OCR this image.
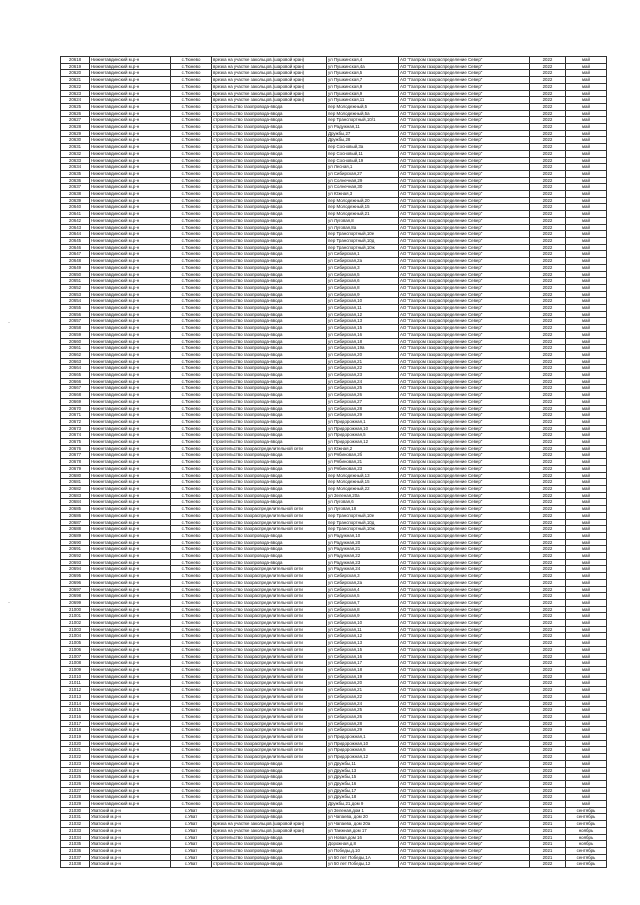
-
-
20618	Нижнетавдинский м.р-н	с.Тюнево	врезка на участке закольцов.(шаровой кран)	ул Пушкинская,4	АО "Газпром газораспределение Север"	2022	май
20619	Нижнетавдинский м.р-н	с.Тюнево	врезка на участке закольцов.(шаровой кран)	ул Пушкинская,4а	АО "Газпром газораспределение Север"	2022	май
20620	Нижнетавдинский м.р-н	с.Тюнево	врезка на участке закольцов.(шаровой кран)	ул Пушкинская,5	АО "Газпром газораспределение Север"	2022	май
20621	Нижнетавдинский м.р-н	с.Тюнево	врезка на участке закольцов.(шаровой кран)	ул Пушкинская,7	АО "Газпром газораспределение Север"	2022	май
20622	Нижнетавдинский м.р-н	с.Тюнево	врезка на участке закольцов.(шаровой кран)	ул Пушкинская,9	АО "Газпром газораспределение Север"	2022	май
20623	Нижнетавдинский м.р-н	с.Тюнево	врезка на участке закольцов.(шаровой кран)	ул Пушкинская,9	АО "Газпром газораспределение Север"	2022	май
20624	Нижнетавдинский м.р-н	с.Тюнево	врезка на участке закольцов.(шаровой кран)	ул Пушкинская,11	АО "Газпром газораспределение Север"	2022	май
20625	Нижнетавдинский м.р-н	с.Тюнево	строительство газопровода-ввода	пер Молодежный,5	АО "Газпром газораспределение Север"	2022	май
20626	Нижнетавдинский м.р-н	с.Тюнево	строительство газопровода-ввода	пер Молодежный,5а	АО "Газпром газораспределение Север"	2022	май
20627	Нижнетавдинский м.р-н	с.Тюнево	строительство газопровода-ввода	пер Транспортный,10/1	АО "Газпром газораспределение Север"	2022	май
20628	Нижнетавдинский м.р-н	с.Тюнево	строительство газопровода-ввода	ул Радужная,11	АО "Газпром газораспределение Север"	2022	май
20629	Нижнетавдинский м.р-н	с.Тюнево	строительство газопровода-ввода	Дружбы,27	АО "Газпром газораспределение Север"	2022	май
20630	Нижнетавдинский м.р-н	с.Тюнево	строительство газопровода-ввода	Дружбы,28	АО "Газпром газораспределение Север"	2022	май
20631	Нижнетавдинский м.р-н	с.Тюнево	строительство газопровода-ввода	пер Сосновый,3а	АО "Газпром газораспределение Север"	2022	май
20632	Нижнетавдинский м.р-н	с.Тюнево	строительство газопровода-ввода	пер Сосновый,11	АО "Газпром газораспределение Север"	2022	май
20633	Нижнетавдинский м.р-н	с.Тюнево	строительство газопровода-ввода	пер Сосновый,19	АО "Газпром газораспределение Север"	2022	май
20634	Нижнетавдинский м.р-н	с.Тюнево	строительство газопровода-ввода	ул Лесная,1	АО "Газпром газораспределение Север"	2022	май
20635	Нижнетавдинский м.р-н	с.Тюнево	строительство газопровода-ввода	ул Сибирская,27	АО "Газпром газораспределение Север"	2022	май
20636	Нижнетавдинский м.р-н	с.Тюнево	строительство газопровода-ввода	ул Солнечная,29	АО "Газпром газораспределение Север"	2022	май
20637	Нижнетавдинский м.р-н	с.Тюнево	строительство газопровода-ввода	ул Солнечная,30	АО "Газпром газораспределение Север"	2022	май
20638	Нижнетавдинский м.р-н	с.Тюнево	строительство газопровода-ввода	ул Южная,3	АО "Газпром газораспределение Север"	2022	май
20639	Нижнетавдинский м.р-н	с.Тюнево	строительство газопровода-ввода	пер Молодежный,20	АО "Газпром газораспределение Север"	2022	май
20640	Нижнетавдинский м.р-н	с.Тюнево	строительство газопровода-ввода	пер Молодежный,15	АО "Газпром газораспределение Север"	2022	май
20641	Нижнетавдинский м.р-н	с.Тюнево	строительство газопровода-ввода	пер Молодежный,21	АО "Газпром газораспределение Север"	2022	май
20642	Нижнетавдинский м.р-н	с.Тюнево	строительство газопровода-ввода	ул Луговая,8	АО "Газпром газораспределение Север"	2022	май
20643	Нижнетавдинский м.р-н	с.Тюнево	строительство газопровода-ввода	ул Луговая,8а	АО "Газпром газораспределение Север"	2022	май
20644	Нижнетавдинский м.р-н	с.Тюнево	строительство газопровода-ввода	пер Транспортный,10е	АО "Газпром газораспределение Север"	2022	май
20645	Нижнетавдинский м.р-н	с.Тюнево	строительство газопровода-ввода	пер Транспортный,10д	АО "Газпром газораспределение Север"	2022	май
20646	Нижнетавдинский м.р-н	с.Тюнево	строительство газопровода-ввода	пер Транспортный,10ж	АО "Газпром газораспределение Север"	2022	май
20647	Нижнетавдинский м.р-н	с.Тюнево	строительство газопровода-ввода	ул Сибирская,1	АО "Газпром газораспределение Север"	2022	май
20648	Нижнетавдинский м.р-н	с.Тюнево	строительство газопровода-ввода	ул Сибирская,2а	АО "Газпром газораспределение Север"	2022	май
20649	Нижнетавдинский м.р-н	с.Тюнево	строительство газопровода-ввода	ул Сибирская,3	АО "Газпром газораспределение Север"	2022	май
20650	Нижнетавдинский м.р-н	с.Тюнево	строительство газопровода-ввода	ул Сибирская,5	АО "Газпром газораспределение Север"	2022	май
20651	Нижнетавдинский м.р-н	с.Тюнево	строительство газопровода-ввода	ул Сибирская,6	АО "Газпром газораспределение Север"	2022	май
20652	Нижнетавдинский м.р-н	с.Тюнево	строительство газопровода-ввода	ул Сибирская,8	АО "Газпром газораспределение Север"	2022	май
20653	Нижнетавдинский м.р-н	с.Тюнево	строительство газопровода-ввода	ул Сибирская,9	АО "Газпром газораспределение Север"	2022	май
20654	Нижнетавдинский м.р-н	с.Тюнево	строительство газопровода-ввода	ул Сибирская,10	АО "Газпром газораспределение Север"	2022	май
20655	Нижнетавдинский м.р-н	с.Тюнево	строительство газопровода-ввода	ул Сибирская,11	АО "Газпром газораспределение Север"	2022	май
20656	Нижнетавдинский м.р-н	с.Тюнево	строительство газопровода-ввода	ул Сибирская,12	АО "Газпром газораспределение Север"	2022	май
20657	Нижнетавдинский м.р-н	с.Тюнево	строительство газопровода-ввода	ул Сибирская,13	АО "Газпром газораспределение Север"	2022	май
20658	Нижнетавдинский м.р-н	с.Тюнево	строительство газопровода-ввода	ул Сибирская,15	АО "Газпром газораспределение Север"	2022	май
20659	Нижнетавдинский м.р-н	с.Тюнево	строительство газопровода-ввода	ул Сибирская,16	АО "Газпром газораспределение Север"	2022	май
20660	Нижнетавдинский м.р-н	с.Тюнево	строительство газопровода-ввода	ул Сибирская,18	АО "Газпром газораспределение Север"	2022	май
20661	Нижнетавдинский м.р-н	с.Тюнево	строительство газопровода-ввода	ул Сибирская,19а	АО "Газпром газораспределение Север"	2022	май
20662	Нижнетавдинский м.р-н	с.Тюнево	строительство газопровода-ввода	ул Сибирская,20	АО "Газпром газораспределение Север"	2022	май
20663	Нижнетавдинский м.р-н	с.Тюнево	строительство газопровода-ввода	ул Сибирская,21	АО "Газпром газораспределение Север"	2022	май
20664	Нижнетавдинский м.р-н	с.Тюнево	строительство газопровода-ввода	ул Сибирская,22	АО "Газпром газораспределение Север"	2022	май
20665	Нижнетавдинский м.р-н	с.Тюнево	строительство газопровода-ввода	ул Сибирская,23	АО "Газпром газораспределение Север"	2022	май
20666	Нижнетавдинский м.р-н	с.Тюнево	строительство газопровода-ввода	ул Сибирская,24	АО "Газпром газораспределение Север"	2022	май
20667	Нижнетавдинский м.р-н	с.Тюнево	строительство газопровода-ввода	ул Сибирская,25	АО "Газпром газораспределение Север"	2022	май
20668	Нижнетавдинский м.р-н	с.Тюнево	строительство газопровода-ввода	ул Сибирская,26	АО "Газпром газораспределение Север"	2022	май
20669	Нижнетавдинский м.р-н	с.Тюнево	строительство газопровода-ввода	ул Сибирская,27	АО "Газпром газораспределение Север"	2022	май
20670	Нижнетавдинский м.р-н	с.Тюнево	строительство газопровода-ввода	ул Сибирская,28	АО "Газпром газораспределение Север"	2022	май
20671	Нижнетавдинский м.р-н	с.Тюнево	строительство газопровода-ввода	ул Сибирская,29	АО "Газпром газораспределение Север"	2022	май
20672	Нижнетавдинский м.р-н	с.Тюнево	строительство газопровода-ввода	ул Придорожная,1	АО "Газпром газораспределение Север"	2022	май
20673	Нижнетавдинский м.р-н	с.Тюнево	строительство газопровода-ввода	ул Придорожная,10	АО "Газпром газораспределение Север"	2022	май
20674	Нижнетавдинский м.р-н	с.Тюнево	строительство газопровода-ввода	ул Придорожная,5	АО "Газпром газораспределение Север"	2022	май
20675	Нижнетавдинский м.р-н	с.Тюнево	строительство газопровода-ввода	ул Придорожная,12	АО "Газпром газораспределение Север"	2022	май
20676	Нижнетавдинский м.р-н	с.Тюнево	строительство газораспределительной сети	ул Южная,2	АО "Газпром газораспределение Север"	2022	май
20677	Нижнетавдинский м.р-н	с.Тюнево	строительство газопровода-ввода	ул Рябиновая,2б	АО "Газпром газораспределение Север"	2022	май
20678	Нижнетавдинский м.р-н	с.Тюнево	строительство газопровода-ввода	ул Рябиновая,21	АО "Газпром газораспределение Север"	2022	май
20679	Нижнетавдинский м.р-н	с.Тюнево	строительство газопровода-ввода	ул Рябиновая,23	АО "Газпром газораспределение Север"	2022	май
20680	Нижнетавдинский м.р-н	с.Тюнево	строительство газопровода-ввода	пер Молодежный,13	АО "Газпром газораспределение Север"	2022	май
20681	Нижнетавдинский м.р-н	с.Тюнево	строительство газопровода-ввода	пер Молодежный,15	АО "Газпром газораспределение Север"	2022	май
20682	Нижнетавдинский м.р-н	с.Тюнево	строительство газопровода-ввода	пер Молодежный,22	АО "Газпром газораспределение Север"	2022	май
20683	Нижнетавдинский м.р-н	с.Тюнево	строительство газопровода-ввода	ул Зеленая,20а	АО "Газпром газораспределение Север"	2022	май
20684	Нижнетавдинский м.р-н	с.Тюнево	строительство газопровода-ввода	ул Луговая,6	АО "Газпром газораспределение Север"	2022	май
20685	Нижнетавдинский м.р-н	с.Тюнево	строительство газораспределительной сети	ул Луговая,18	АО "Газпром газораспределение Север"	2022	май
20686	Нижнетавдинский м.р-н	с.Тюнево	строительство газораспределительной сети	пер Транспортный,10е	АО "Газпром газораспределение Север"	2022	май
20687	Нижнетавдинский м.р-н	с.Тюнево	строительство газораспределительной сети	пер Транспортный,10д	АО "Газпром газораспределение Север"	2022	май
20688	Нижнетавдинский м.р-н	с.Тюнево	строительство газораспределительной сети	пер Транспортный,10ж	АО "Газпром газораспределение Север"	2022	май
20689	Нижнетавдинский м.р-н	с.Тюнево	строительство газопровода-ввода	ул Радужная,10	АО "Газпром газораспределение Север"	2022	май
20690	Нижнетавдинский м.р-н	с.Тюнево	строительство газопровода-ввода	ул Радужная,20	АО "Газпром газораспределение Север"	2022	май
20691	Нижнетавдинский м.р-н	с.Тюнево	строительство газопровода-ввода	ул Радужная,21	АО "Газпром газораспределение Север"	2022	май
20692	Нижнетавдинский м.р-н	с.Тюнево	строительство газопровода-ввода	ул Радужная,22	АО "Газпром газораспределение Север"	2022	май
20693	Нижнетавдинский м.р-н	с.Тюнево	строительство газопровода-ввода	ул Радужная,23	АО "Газпром газораспределение Север"	2022	май
20694	Нижнетавдинский м.р-н	с.Тюнево	строительство газораспределительной сети	ул Радужная,24	АО "Газпром газораспределение Север"	2022	май
20695	Нижнетавдинский м.р-н	с.Тюнево	строительство газораспределительной сети	ул Сибирская,3	АО "Газпром газораспределение Север"	2022	май
20696	Нижнетавдинский м.р-н	с.Тюнево	строительство газораспределительной сети	ул Сибирская,2а	АО "Газпром газораспределение Север"	2022	май
20697	Нижнетавдинский м.р-н	с.Тюнево	строительство газораспределительной сети	ул Сибирская,4	АО "Газпром газораспределение Север"	2022	май
20698	Нижнетавдинский м.р-н	с.Тюнево	строительство газораспределительной сети	ул Сибирская,5	АО "Газпром газораспределение Север"	2022	май
20699	Нижнетавдинский м.р-н	с.Тюнево	строительство газораспределительной сети	ул Сибирская,7	АО "Газпром газораспределение Север"	2022	май
21000	Нижнетавдинский м.р-н	с.Тюнево	строительство газораспределительной сети	ул Сибирская,8	АО "Газпром газораспределение Север"	2022	май
21001	Нижнетавдинский м.р-н	с.Тюнево	строительство газораспределительной сети	ул Сибирская,9	АО "Газпром газораспределение Север"	2022	май
21002	Нижнетавдинский м.р-н	с.Тюнево	строительство газораспределительной сети	ул Сибирская,10	АО "Газпром газораспределение Север"	2022	май
21003	Нижнетавдинский м.р-н	с.Тюнево	строительство газораспределительной сети	ул Сибирская,11	АО "Газпром газораспределение Север"	2022	май
21004	Нижнетавдинский м.р-н	с.Тюнево	строительство газораспределительной сети	ул Сибирская,12	АО "Газпром газораспределение Север"	2022	май
21005	Нижнетавдинский м.р-н	с.Тюнево	строительство газораспределительной сети	ул Сибирская,13	АО "Газпром газораспределение Север"	2022	май
21006	Нижнетавдинский м.р-н	с.Тюнево	строительство газораспределительной сети	ул Сибирская,15	АО "Газпром газораспределение Север"	2022	май
21007	Нижнетавдинский м.р-н	с.Тюнево	строительство газораспределительной сети	ул Сибирская,16	АО "Газпром газораспределение Север"	2022	май
21008	Нижнетавдинский м.р-н	с.Тюнево	строительство газораспределительной сети	ул Сибирская,17	АО "Газпром газораспределение Север"	2022	май
21009	Нижнетавдинский м.р-н	с.Тюнево	строительство газораспределительной сети	ул Сибирская,18	АО "Газпром газораспределение Север"	2022	май
21010	Нижнетавдинский м.р-н	с.Тюнево	строительство газораспределительной сети	ул Сибирская,19	АО "Газпром газораспределение Север"	2022	май
21011	Нижнетавдинский м.р-н	с.Тюнево	строительство газораспределительной сети	ул Сибирская,20	АО "Газпром газораспределение Север"	2022	май
21012	Нижнетавдинский м.р-н	с.Тюнево	строительство газораспределительной сети	ул Сибирская,21	АО "Газпром газораспределение Север"	2022	май
21013	Нижнетавдинский м.р-н	с.Тюнево	строительство газораспределительной сети	ул Сибирская,22	АО "Газпром газораспределение Север"	2022	май
21014	Нижнетавдинский м.р-н	с.Тюнево	строительство газораспределительной сети	ул Сибирская,24	АО "Газпром газораспределение Север"	2022	май
21015	Нижнетавдинский м.р-н	с.Тюнево	строительство газораспределительной сети	ул Сибирская,25	АО "Газпром газораспределение Север"	2022	май
21016	Нижнетавдинский м.р-н	с.Тюнево	строительство газораспределительной сети	ул Сибирская,26	АО "Газпром газораспределение Север"	2022	май
21017	Нижнетавдинский м.р-н	с.Тюнево	строительство газораспределительной сети	ул Сибирская,28	АО "Газпром газораспределение Север"	2022	май
21018	Нижнетавдинский м.р-н	с.Тюнево	строительство газораспределительной сети	ул Сибирская,29	АО "Газпром газораспределение Север"	2022	май
21019	Нижнетавдинский м.р-н	с.Тюнево	строительство газораспределительной сети	ул Придорожная,1	АО "Газпром газораспределение Север"	2022	май
21020	Нижнетавдинский м.р-н	с.Тюнево	строительство газораспределительной сети	ул Придорожная,10	АО "Газпром газораспределение Север"	2022	май
21021	Нижнетавдинский м.р-н	с.Тюнево	строительство газораспределительной сети	ул Придорожная,5	АО "Газпром газораспределение Север"	2022	май
21022	Нижнетавдинский м.р-н	с.Тюнево	строительство газораспределительной сети	ул Придорожная,12	АО "Газпром газораспределение Север"	2022	май
21023	Нижнетавдинский м.р-н	с.Тюнево	строительство газопровода-ввода	ул Дружбы,11	АО "Газпром газораспределение Север"	2022	май
21024	Нижнетавдинский м.р-н	с.Тюнево	строительство газопровода-ввода	ул Дружбы,13	АО "Газпром газораспределение Север"	2022	май
21025	Нижнетавдинский м.р-н	с.Тюнево	строительство газопровода-ввода	ул Дружбы,15	АО "Газпром газораспределение Север"	2022	май
21026	Нижнетавдинский м.р-н	с.Тюнево	строительство газопровода-ввода	ул Дружбы,16	АО "Газпром газораспределение Север"	2022	май
21027	Нижнетавдинский м.р-н	с.Тюнево	строительство газопровода-ввода	ул Дружбы,17	АО "Газпром газораспределение Север"	2022	май
21028	Нижнетавдинский м.р-н	с.Тюнево	строительство газопровода-ввода	ул Дружбы,18	АО "Газпром газораспределение Север"	2022	май
21029	Нижнетавдинский м.р-н	с.Тюнево	строительство газопровода-ввода	Дружбы,21,дом 9	АО "Газпром газораспределение Север"	2022	май
21030	Уватский м.р-н	с.Уват	строительство газопровода-ввода	ул Зеленая,дом 1	АО "Газпром газораспределение Север"	2021	сентябрь
21031	Уватский м.р-н	с.Уват	строительство газопровода-ввода	ул Чапаева, дом 20	АО "Газпром газораспределение Север"	2021	сентябрь
21032	Уватский м.р-н	с.Уват	врезка на участке закольцов.(шаровой кран)	ул Чапаева, дом 20а	АО "Газпром газораспределение Север"	2021	сентябрь
21033	Уватский м.р-н	с.Уват	врезка на участке закольцов.(шаровой кран)	ул Таежная,дом 17	АО "Газпром газораспределение Север"	2021	ноябрь
21034	Уватский м.р-н	с.Уват	строительство газопровода-ввода	ул Новая,дом 16	АО "Газпром газораспределение Север"	2021	ноябрь
21035	Уватский м.р-н	с.Уват	строительство газопровода-ввода	Дорожная,д.8	АО "Газпром газораспределение Север"	2021	ноябрь
21036	Уватский м.р-н	с.Уват	строительство газопровода-ввода	ул Победы,д.10	АО "Газпром газораспределение Север"	2021	сентябрь
21037	Уватский м.р-н	с.Уват	строительство газопровода-ввода	ул 50 лет Победы,1А	АО "Газпром газораспределение Север"	2021	сентябрь
21038	Уватский м.р-н	с.Уват	строительство газопровода-ввода	ул 50 лет Победы,12	АО "Газпром газораспределение Север"	2022	сентябрь
